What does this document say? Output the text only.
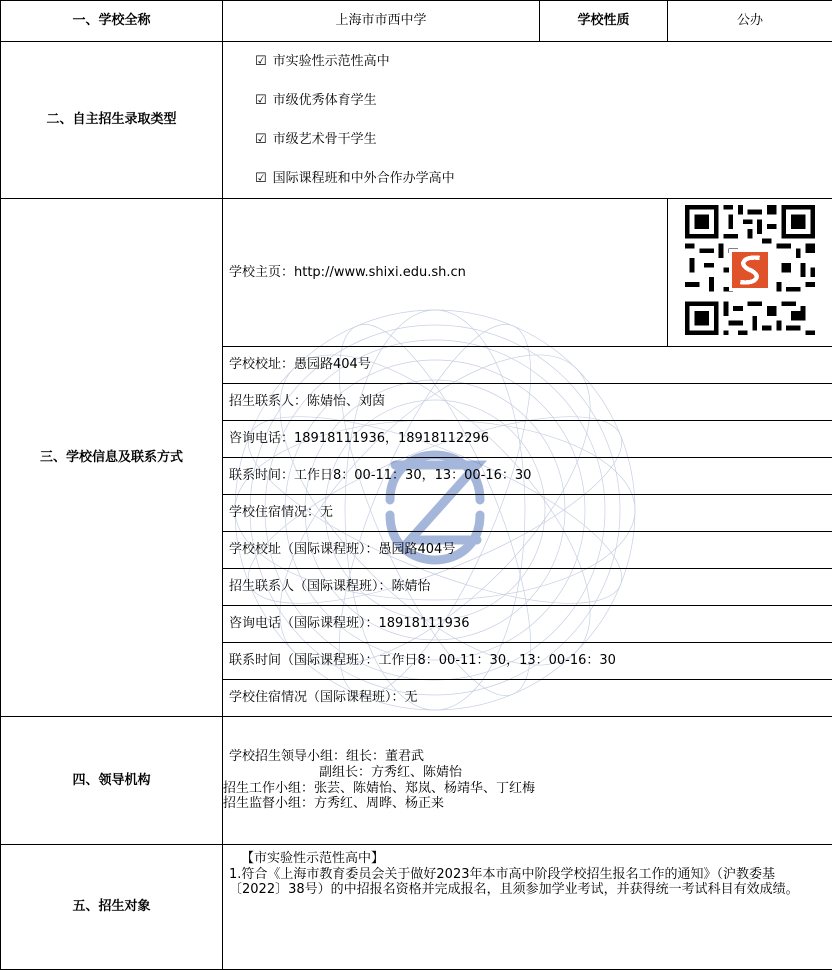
一、学校全称	上海市市西中学	学校性质	公办
二、自主招生录取类型	☑ 市实验性示范性高中
☑ 市级优秀体育学生
☑ 市级艺术骨干学生
☑ 国际课程班和中外合作办学高中		

三、学校信息及联系方式	学校主页：http://www.shixi.edu.sh.cn	
	学校校址：愚园路404号		
	招生联系人：陈婧怡、刘茵		
	咨询电话：18918111936，18918112296		
	联系时间：工作日8：00-11：30，13：00-16：30		
	学校住宿情况：无		
	学校校址（国际课程班）：愚园路404号		
	招生联系人（国际课程班）：陈婧怡		
	咨询电话（国际课程班）：18918111936		
	联系时间（国际课程班）：工作日8：00-11：30，13：00-16：30		
	学校住宿情况（国际课程班）：无		
四、领导机构	学校招生领导小组：组长：董君武
副组长：方秀红、陈婧怡
招生工作小组：张芸、陈婧怡、郑岚、杨靖华、丁红梅
招生监督小组：方秀红、周晔、杨正来		

五、招生对象	【市实验性示范性高中】
1.符合《上海市教育委员会关于做好2023年本市高中阶段学校招生报名工作的通知》（沪教委基〔2022〕38号）的中招报名资格并完成报名，且须参加学业考试，并获得统一考试科目有效成绩。		
